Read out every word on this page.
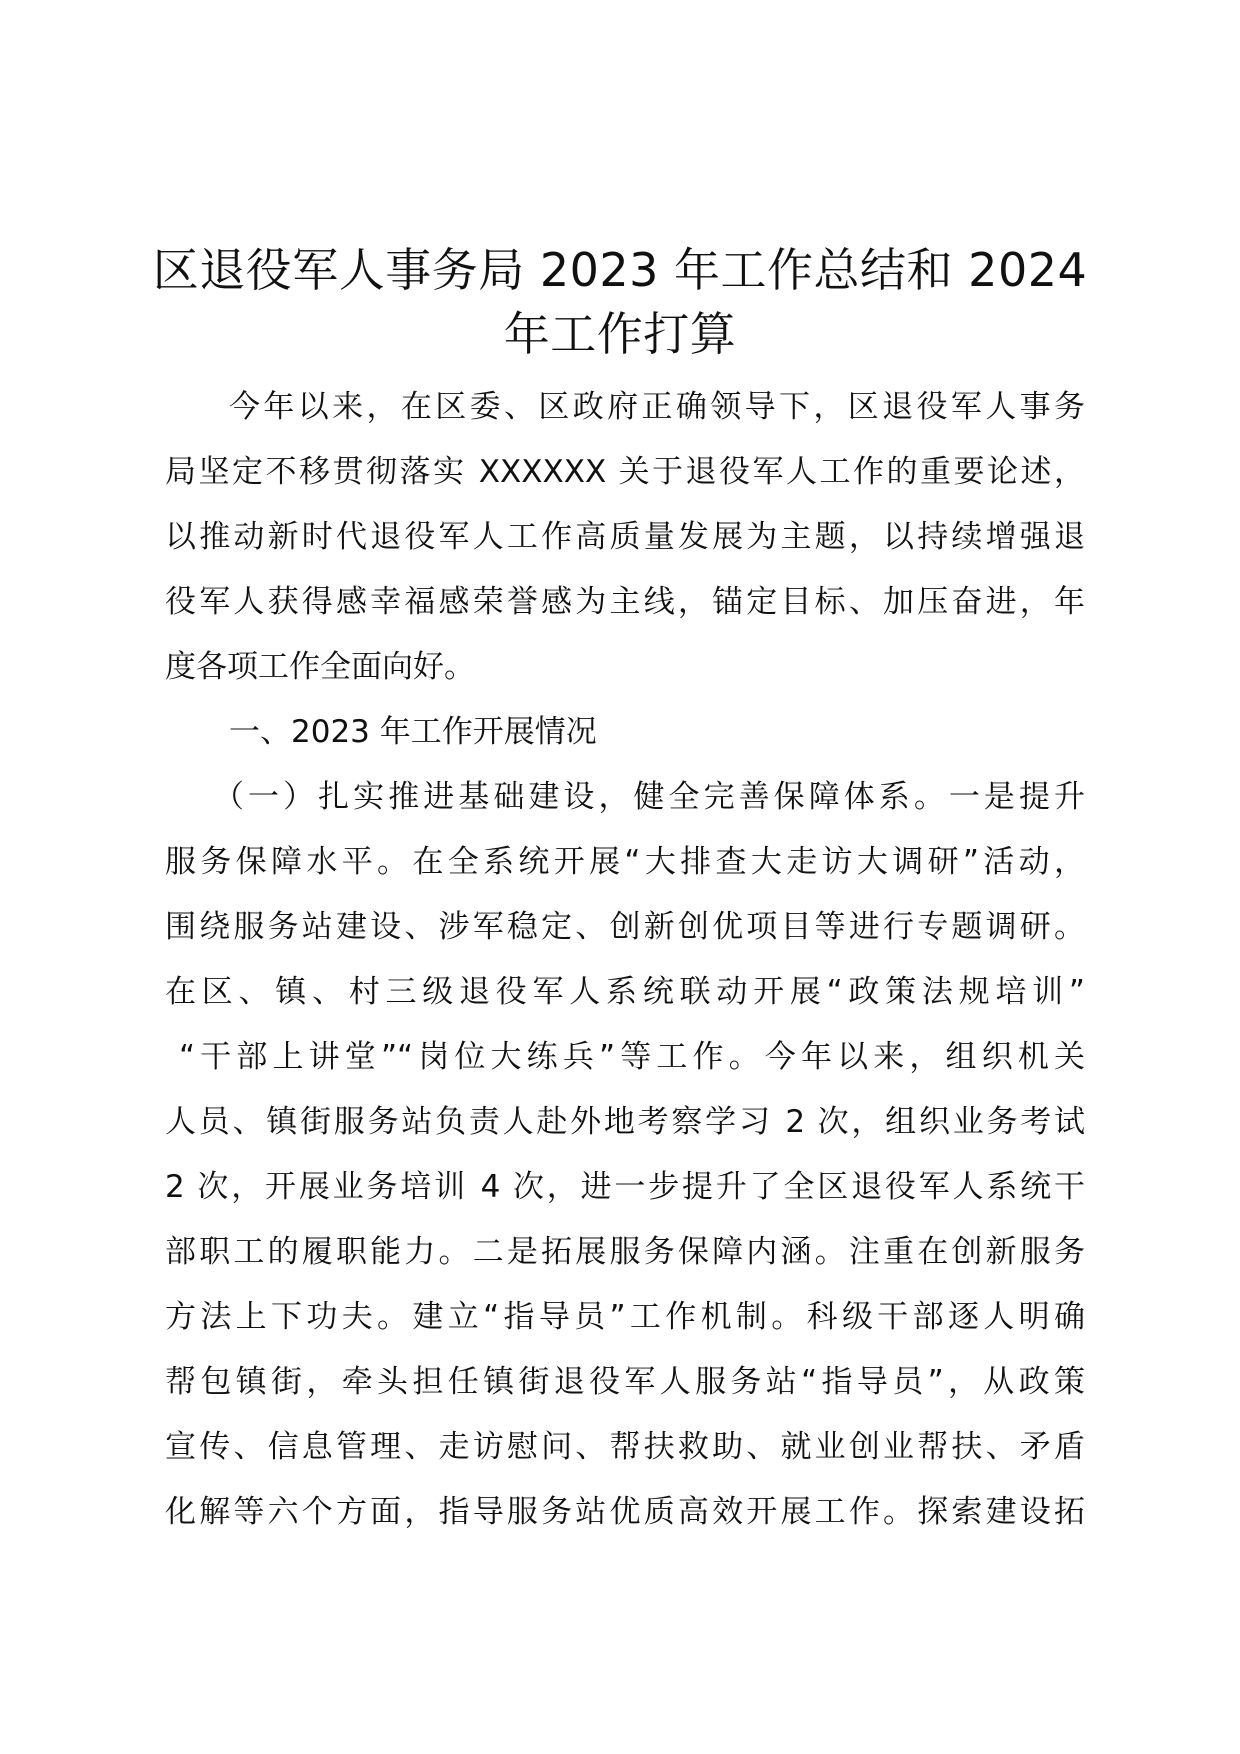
区退役军人事务局 2023 年工作总结和 2024
年工作打算
今年以来，在区委、区政府正确领导下，区退役军人事务
局坚定不移贯彻落实 XXXXXX 关于退役军人工作的重要论述，
以推动新时代退役军人工作高质量发展为主题，以持续增强退
役军人获得感幸福感荣誉感为主线，锚定目标、加压奋进，年
度各项工作全面向好。
一、2023 年工作开展情况
（一）扎实推进基础建设，健全完善保障体系。一是提升
服务保障水平。在全系统开展“大排查大走访大调研”活动，
围绕服务站建设、涉军稳定、创新创优项目等进行专题调研。
在区、镇、村三级退役军人系统联动开展“政策法规培训”
“干部上讲堂”“岗位大练兵”等工作。今年以来，组织机关
人员、镇街服务站负责人赴外地考察学习 2 次，组织业务考试
2 次，开展业务培训 4 次，进一步提升了全区退役军人系统干
部职工的履职能力。二是拓展服务保障内涵。注重在创新服务
方法上下功夫。建立“指导员”工作机制。科级干部逐人明确
帮包镇街，牵头担任镇街退役军人服务站“指导员”，从政策
宣传、信息管理、走访慰问、帮扶救助、就业创业帮扶、矛盾
化解等六个方面，指导服务站优质高效开展工作。探索建设拓
